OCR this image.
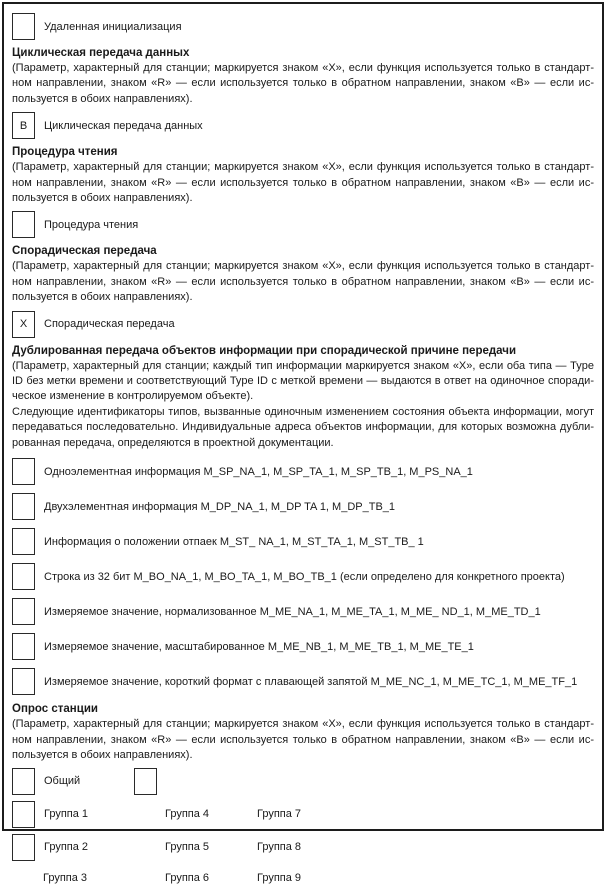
Удаленная инициализация
Циклическая передача данных
(Параметр, характерный для станции; маркируется знаком «X», если функция используется только в стандарт-
ном направлении, знаком «R» — если используется только в обратном направлении, знаком «В» — если ис-
пользуется в обоих направлениях).
В	Циклическая передача данных
Процедура чтения
(Параметр, характерный для станции; маркируется знаком «X», если функция используется только в стандарт-
ном направлении, знаком «R» — если используется только в обратном направлении, знаком «В» — если ис-
пользуется в обоих направлениях).
Процедура чтения
Спорадическая передача
(Параметр, характерный для станции; маркируется знаком «X», если функция используется только в стандарт-
ном направлении, знаком «R» — если используется только в обратном направлении, знаком «В» — если ис-
пользуется в обоих направлениях).
X	Спорадическая передача
Дублированная передача объектов информации при спорадической причине передачи
(Параметр, характерный для станции; каждый тип информации маркируется знаком «X», если оба типа — Type
ID без метки времени и соответствующий Type ID с меткой времени — выдаются в ответ на одиночное споради-
ческое изменение в контролируемом объекте).
Следующие идентификаторы типов, вызванные одиночным изменением состояния объекта информации, могут
передаваться последовательно. Индивидуальные адреса объектов информации, для которых возможна дубли-
рованная передача, определяются в проектной документации.
Одноэлементная информация M_SP_NA_1, M_SP_TA_1, M_SP_TB_1, M_PS_NA_1
Двухэлементная информация M_DP_NA_1, M_DP TA 1, M_DP_TB_1
Информация о положении отпаек M_ST_ NA_1, M_ST_TA_1, M_ST_TB_ 1
Строка из 32 бит M_BO_NA_1, M_BO_TA_1, M_BO_TB_1 (если определено для конкретного проекта)
Измеряемое значение, нормализованное M_ME_NA_1, M_ME_TA_1, M_ME_ ND_1, M_ME_TD_1
Измеряемое значение, масштабированное M_ME_NB_1, M_ME_TB_1, M_ME_TE_1
Измеряемое значение, короткий формат с плавающей запятой M_ME_NC_1, M_ME_TC_1, M_ME_TF_1
Опрос станции
(Параметр, характерный для станции; маркируется знаком «X», если функция используется только в стандарт-
ном направлении, знаком «R» — если используется только в обратном направлении, знаком «В» — если ис-
пользуется в обоих направлениях).
Общий
Группа 1	Группа 4	Группа 7
Группа 2	Группа 5	Группа 8
Группа 3	Группа 6	Группа 9
